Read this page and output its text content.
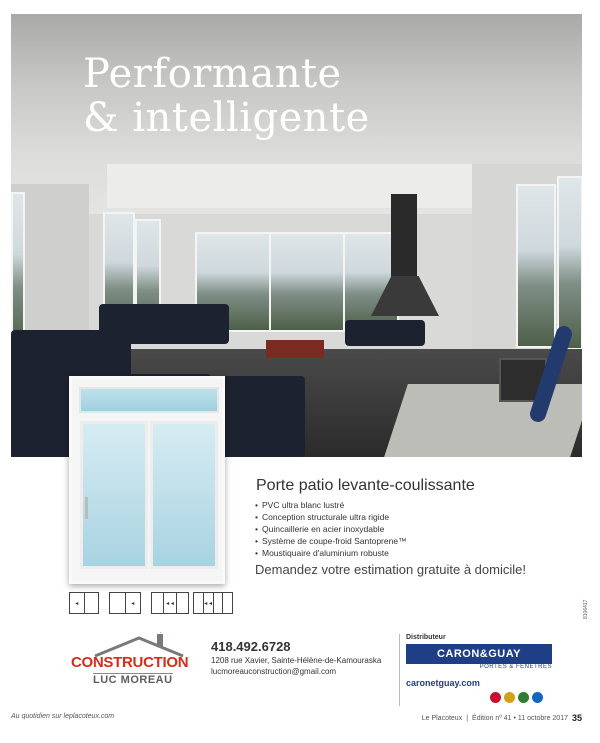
Performante
& intelligente
◂	◂	◂ ◂	◂ ◂
Porte patio levante-coulissante
• PVC ultra blanc lustré
• Conception structurale ultra rigide
• Quincaillerie en acier inoxydable
• Système de coupe-froid Santoprene™
• Moustiquaire d'aluminium robuste
Demandez votre estimation gratuite à domicile!
CONSTRUCTION
LUC MOREAU
418.492.6728
1208 rue Xavier, Sainte-Hélène-de-Kamouraska
lucmoreauconstruction@gmail.com
Distributeur
CARON&GUAY
PORTES & FENÊTRES
caronetguay.com
8106417
Au quotidien sur leplacoteux.com	Le Placoteux | Édition nº 41 • 11 octobre 2017 35
